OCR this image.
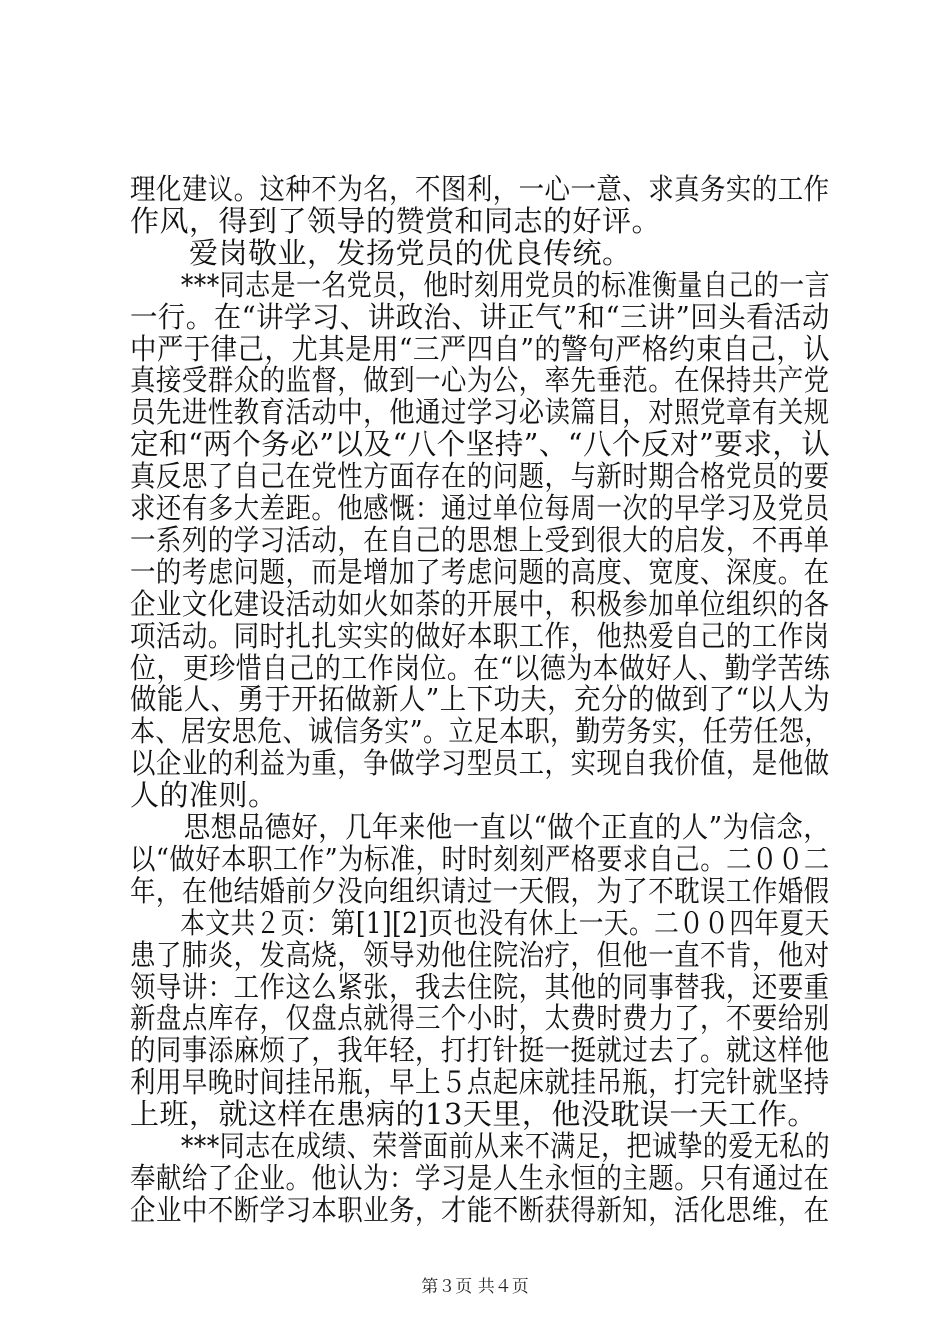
理化建议。这种不为名，不图利，一心一意、求真务实的工作
作风，得到了领导的赞赏和同志的好评。
　　爱岗敬业，发扬党员的优良传统。
　　***同志是一名党员，他时刻用党员的标准衡量自己的一言
一行。在“讲学习、讲政治、讲正气”和“三讲”回头看活动
中严于律己，尤其是用“三严四自”的警句严格约束自己，认
真接受群众的监督，做到一心为公，率先垂范。在保持共产党
员先进性教育活动中，他通过学习必读篇目，对照党章有关规
定和“两个务必”以及“八个坚持”、“八个反对”要求，认
真反思了自己在党性方面存在的问题，与新时期合格党员的要
求还有多大差距。他感慨：通过单位每周一次的早学习及党员
一系列的学习活动，在自己的思想上受到很大的启发，不再单
一的考虑问题，而是增加了考虑问题的高度、宽度、深度。在
企业文化建设活动如火如荼的开展中，积极参加单位组织的各
项活动。同时扎扎实实的做好本职工作，他热爱自己的工作岗
位，更珍惜自己的工作岗位。在“以德为本做好人、勤学苦练
做能人、勇于开拓做新人”上下功夫，充分的做到了“以人为
本、居安思危、诚信务实”。立足本职，勤劳务实，任劳任怨，
以企业的利益为重，争做学习型员工，实现自我价值，是他做
人的准则。
　　思想品德好，几年来他一直以“做个正直的人”为信念，
以“做好本职工作”为标准，时时刻刻严格要求自己。二００二
年，在他结婚前夕没向组织请过一天假，为了不耽误工作婚假
　　本文共２页：第[1][2]页也没有休上一天。二００四年夏天
患了肺炎，发高烧，领导劝他住院治疗，但他一直不肯，他对
领导讲：工作这么紧张，我去住院，其他的同事替我，还要重
新盘点库存，仅盘点就得三个小时，太费时费力了，不要给别
的同事添麻烦了，我年轻，打打针挺一挺就过去了。就这样他
利用早晚时间挂吊瓶，早上５点起床就挂吊瓶，打完针就坚持
上班，就这样在患病的13天里，他没耽误一天工作。
　　***同志在成绩、荣誉面前从来不满足，把诚挚的爱无私的
奉献给了企业。他认为：学习是人生永恒的主题。只有通过在
企业中不断学习本职业务，才能不断获得新知，活化思维，在
第３页 共４页
